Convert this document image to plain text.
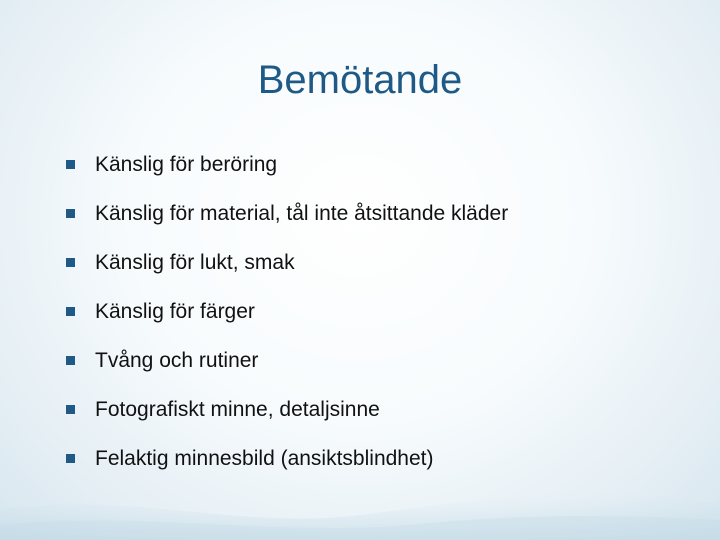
Bemötande
Känslig för beröring
Känslig för material, tål inte åtsittande kläder
Känslig för lukt, smak
Känslig för färger
Tvång och rutiner
Fotografiskt minne, detaljsinne
Felaktig minnesbild (ansiktsblindhet)
